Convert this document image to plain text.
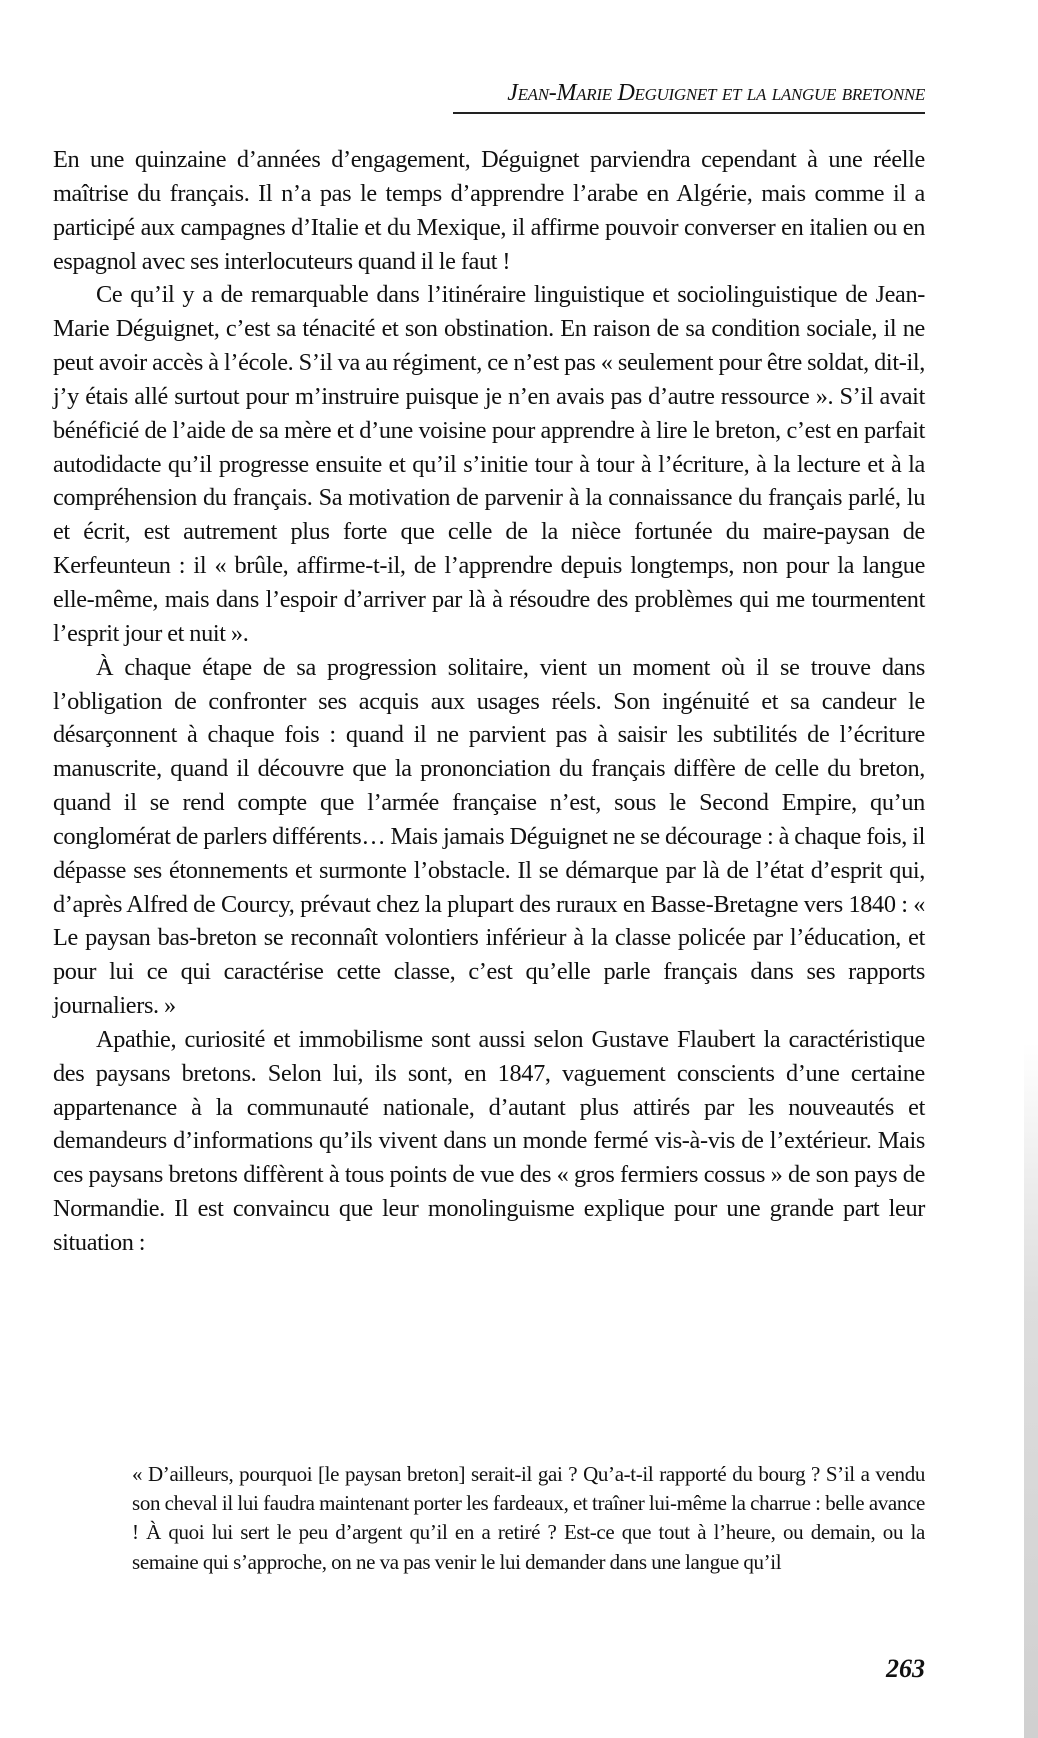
Jean-Marie Deguignet et la langue bretonne

En une quinzaine d’années d’engagement, Déguignet parviendra cependant à une réelle maîtrise du français. Il n’a pas le temps d’apprendre l’arabe en Algérie, mais comme il a participé aux campagnes d’Italie et du Mexique, il affirme pouvoir converser en italien ou en espagnol avec ses interlocuteurs quand il le faut !

Ce qu’il y a de remarquable dans l’itinéraire linguistique et sociolinguistique de Jean-Marie Déguignet, c’est sa ténacité et son obstination. En raison de sa condition sociale, il ne peut avoir accès à l’école. S’il va au régiment, ce n’est pas « seulement pour être soldat, dit-il, j’y étais allé surtout pour m’instruire puisque je n’en avais pas d’autre ressource ». S’il avait bénéficié de l’aide de sa mère et d’une voisine pour apprendre à lire le breton, c’est en parfait autodidacte qu’il progresse ensuite et qu’il s’initie tour à tour à l’écriture, à la lecture et à la compréhension du français. Sa motivation de parvenir à la connaissance du français parlé, lu et écrit, est autrement plus forte que celle de la nièce fortunée du maire-paysan de Kerfeunteun : il « brûle, affirme-t-il, de l’apprendre depuis longtemps, non pour la langue elle-même, mais dans l’espoir d’arriver par là à résoudre des problèmes qui me tourmentent l’esprit jour et nuit ».

À chaque étape de sa progression solitaire, vient un moment où il se trouve dans l’obligation de confronter ses acquis aux usages réels. Son ingénuité et sa candeur le désarçonnent à chaque fois : quand il ne parvient pas à saisir les subtilités de l’écriture manuscrite, quand il découvre que la prononciation du français diffère de celle du breton, quand il se rend compte que l’armée française n’est, sous le Second Empire, qu’un conglomérat de parlers différents… Mais jamais Déguignet ne se décourage : à chaque fois, il dépasse ses étonnements et surmonte l’obstacle. Il se démarque par là de l’état d’esprit qui, d’après Alfred de Courcy, prévaut chez la plupart des ruraux en Basse-Bretagne vers 1840 : « Le paysan bas-breton se reconnaît volontiers inférieur à la classe policée par l’éducation, et pour lui ce qui caractérise cette classe, c’est qu’elle parle français dans ses rapports journaliers. »

Apathie, curiosité et immobilisme sont aussi selon Gustave Flaubert la caractéristique des paysans bretons. Selon lui, ils sont, en 1847, vaguement conscients d’une certaine appartenance à la communauté nationale, d’autant plus attirés par les nouveautés et demandeurs d’informations qu’ils vivent dans un monde fermé vis-à-vis de l’extérieur. Mais ces paysans bretons diffèrent à tous points de vue des « gros fermiers cossus » de son pays de Normandie. Il est convaincu que leur monolinguisme explique pour une grande part leur situation :

« D’ailleurs, pourquoi [le paysan breton] serait-il gai ? Qu’a-t-il rapporté du bourg ? S’il a vendu son cheval il lui faudra maintenant porter les fardeaux, et traîner lui-même la charrue : belle avance ! À quoi lui sert le peu d’argent qu’il en a retiré ? Est-ce que tout à l’heure, ou demain, ou la semaine qui s’approche, on ne va pas venir le lui demander dans une langue qu’il

263
